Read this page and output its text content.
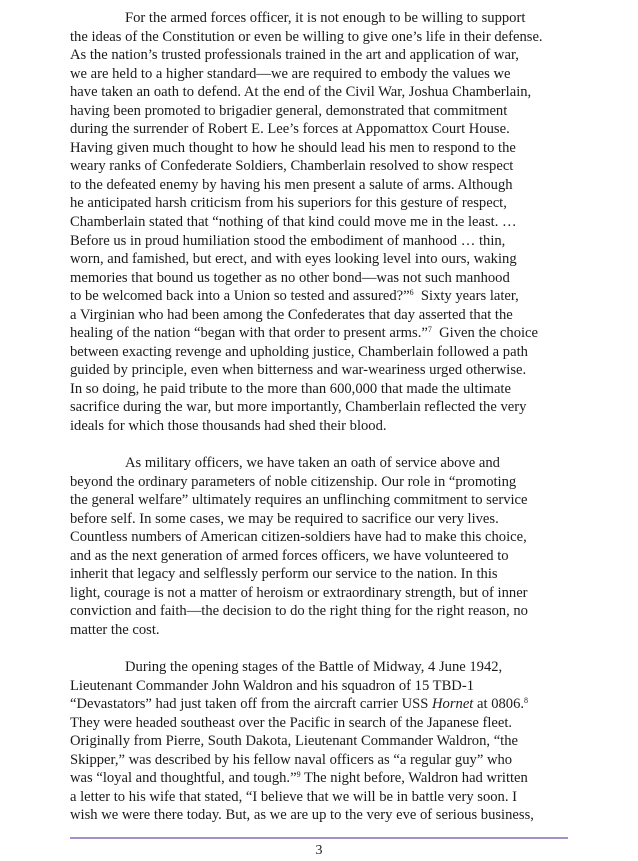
For the armed forces officer, it is not enough to be willing to support
the ideas of the Constitution or even be willing to give one’s life in their defense.
As the nation’s trusted professionals trained in the art and application of war,
we are held to a higher standard—we are required to embody the values we
have taken an oath to defend. At the end of the Civil War, Joshua Chamberlain,
having been promoted to brigadier general, demonstrated that commitment
during the surrender of Robert E. Lee’s forces at Appomattox Court House.
Having given much thought to how he should lead his men to respond to the
weary ranks of Confederate Soldiers, Chamberlain resolved to show respect
to the defeated enemy by having his men present a salute of arms. Although
he anticipated harsh criticism from his superiors for this gesture of respect,
Chamberlain stated that “nothing of that kind could move me in the least. …
Before us in proud humiliation stood the embodiment of manhood … thin,
worn, and famished, but erect, and with eyes looking level into ours, waking
memories that bound us together as no other bond—was not such manhood
to be welcomed back into a Union so tested and assured?”$^6$  Sixty years later,
a Virginian who had been among the Confederates that day asserted that the
healing of the nation “began with that order to present arms.”$^7$  Given the choice
between exacting revenge and upholding justice, Chamberlain followed a path
guided by principle, even when bitterness and war-weariness urged otherwise.
In so doing, he paid tribute to the more than 600,000 that made the ultimate
sacrifice during the war, but more importantly, Chamberlain reflected the very
ideals for which those thousands had shed their blood.
As military officers, we have taken an oath of service above and
beyond the ordinary parameters of noble citizenship. Our role in “promoting
the general welfare” ultimately requires an unflinching commitment to service
before self. In some cases, we may be required to sacrifice our very lives.
Countless numbers of American citizen-soldiers have had to make this choice,
and as the next generation of armed forces officers, we have volunteered to
inherit that legacy and selflessly perform our service to the nation. In this
light, courage is not a matter of heroism or extraordinary strength, but of inner
conviction and faith—the decision to do the right thing for the right reason, no
matter the cost.
During the opening stages of the Battle of Midway, 4 June 1942,
Lieutenant Commander John Waldron and his squadron of 15 TBD-1
“Devastators” had just taken off from the aircraft carrier USS Hornet at 0806.$^8$
They were headed southeast over the Pacific in search of the Japanese fleet.
Originally from Pierre, South Dakota, Lieutenant Commander Waldron, “the
Skipper,” was described by his fellow naval officers as “a regular guy” who
was “loyal and thoughtful, and tough.”$^9$ The night before, Waldron had written
a letter to his wife that stated, “I believe that we will be in battle very soon. I
wish we were there today. But, as we are up to the very eve of serious business,
3
